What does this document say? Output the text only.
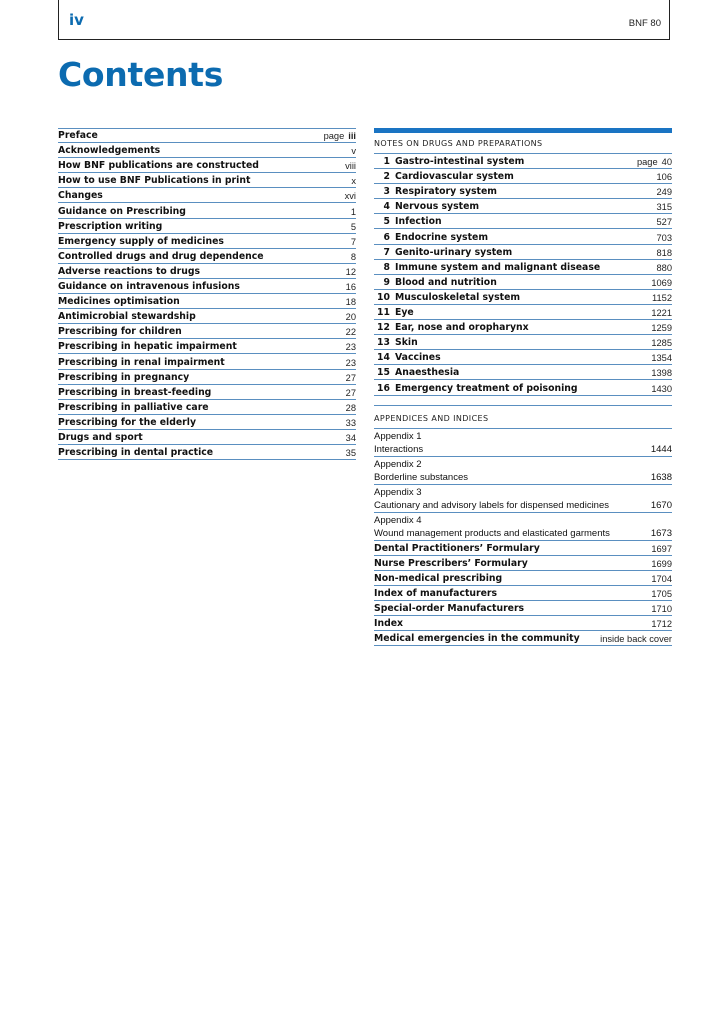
iv	BNF 80
Contents
Preface	page iii
Acknowledgements	v
How BNF publications are constructed	viii
How to use BNF Publications in print	x
Changes	xvi
Guidance on Prescribing	1
Prescription writing	5
Emergency supply of medicines	7
Controlled drugs and drug dependence	8
Adverse reactions to drugs	12
Guidance on intravenous infusions	16
Medicines optimisation	18
Antimicrobial stewardship	20
Prescribing for children	22
Prescribing in hepatic impairment	23
Prescribing in renal impairment	23
Prescribing in pregnancy	27
Prescribing in breast-feeding	27
Prescribing in palliative care	28
Prescribing for the elderly	33
Drugs and sport	34
Prescribing in dental practice	35
NOTES ON DRUGS AND PREPARATIONS
1 Gastro-intestinal system	page 40
2 Cardiovascular system	106
3 Respiratory system	249
4 Nervous system	315
5 Infection	527
6 Endocrine system	703
7 Genito-urinary system	818
8 Immune system and malignant disease	880
9 Blood and nutrition	1069
10 Musculoskeletal system	1152
11 Eye	1221
12 Ear, nose and oropharynx	1259
13 Skin	1285
14 Vaccines	1354
15 Anaesthesia	1398
16 Emergency treatment of poisoning	1430
APPENDICES AND INDICES
Appendix 1
Interactions	1444
Appendix 2
Borderline substances	1638
Appendix 3
Cautionary and advisory labels for dispensed medicines	1670
Appendix 4
Wound management products and elasticated garments	1673
Dental Practitioners’ Formulary	1697
Nurse Prescribers’ Formulary	1699
Non-medical prescribing	1704
Index of manufacturers	1705
Special-order Manufacturers	1710
Index	1712
Medical emergencies in the community inside back cover
